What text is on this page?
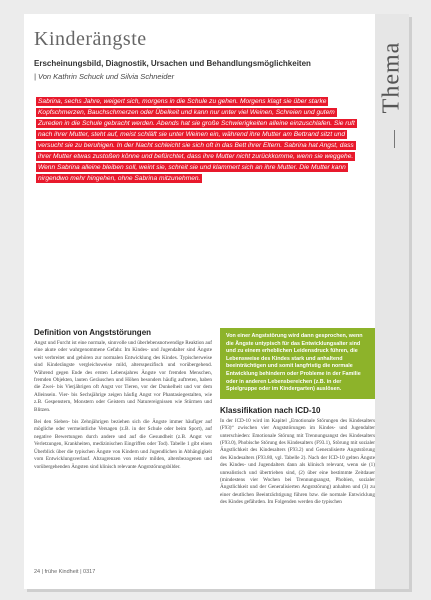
Thema
Kinderängste

Erscheinungsbild, Diagnostik, Ursachen und Behandlungsmöglichkeiten

| Von Kathrin Schuck und Silvia Schneider

Sabrina, sechs Jahre, weigert sich, morgens in die Schule zu gehen. Morgens klagt sie über starke Kopfschmerzen, Bauchschmerzen oder Übelkeit und kann nur unter viel Weinen, Schreien und gutem Zureden in die Schule gebracht werden. Abends hat sie große Schwierigkeiten alleine einzuschlafen. Sie ruft nach ihrer Mutter, steht auf, meist schläft sie unter Weinen ein, während ihre Mutter am Bettrand sitzt und versucht sie zu beruhigen. In der Nacht schleicht sie sich oft in das Bett ihrer Eltern. Sabrina hat Angst, dass ihrer Mutter etwas zustoßen könne und befürchtet, dass ihre Mutter nicht zurückkomme, wenn sie weggehe. Wenn Sabrina alleine bleiben soll, weint sie, schreit sie und klammert sich an ihre Mutter. Die Mutter kann nirgendwo mehr hingehen, ohne Sabrina mitzunehmen.

Definition von Angststörungen

Angst und Furcht ist eine normale, sinnvolle und überlebensnotwendige Reaktion auf eine akute oder wahrgenommene Gefahr. Im Kindes- und Jugendalter sind Ängste weit verbreitet und gehören zur normalen Entwicklung des Kindes. Typischerweise sind Kinderängste vergleichsweise mild, altersspezifisch und vorübergehend. Während gegen Ende des ersten Lebensjahres Ängste vor fremden Menschen, fremden Objekten, lauten Geräuschen und Höhen besonders häufig auftreten, haben die Zwei- bis Vierjährigen oft Angst vor Tieren, vor der Dunkelheit und vor dem Alleinsein. Vier- bis Sechsjährige zeigen häufig Angst vor Phantasiegestalten, wie z.B. Gespenstern, Monstern oder Geistern und Naturereignissen wie Stürmen und Blitzen.

Bei den Sieben- bis Zehnjährigen beziehen sich die Ängste immer häufiger auf mögliche oder vermeintliche Versagen (z.B. in der Schule oder beim Sport), auf negative Bewertungen durch andere und auf die Gesundheit (z.B. Angst vor Verletzungen, Krankheiten, medizinischen Eingriffen oder Tod). Tabelle 1 gibt einen Überblick über die typischen Ängste von Kindern und Jugendlichen in Abhängigkeit vom Entwicklungsverlauf. Abzugrenzen von relativ milden, altersbezogenen und vorübergehenden Ängsten sind klinisch relevante Angststörungsbilder.

Von einer Angststörung wird dann gesprochen, wenn die Ängste untypisch für das Entwicklungsalter sind und zu einem erheblichen Leidensdruck führen, die Lebensweise des Kindes stark und anhaltend beeinträchtigen und somit langfristig die normale Entwicklung behindern oder Probleme in der Familie oder in anderen Lebensbereichen (z.B. in der Spielgruppe oder im Kindergarten) auslösen.
Klassifikation nach ICD-10

In der ICD-10 wird im Kapitel „Emotionale Störungen des Kindesalters (F93)“ zwischen vier Angststörungen im Kindes- und Jugendalter unterschieden: Emotionale Störung mit Trennungsangst des Kindesalters (F93.0), Phobische Störung des Kindesalters (F93.1), Störung mit sozialer Ängstlichkeit des Kindesalters (F93.2) und Generalisierte Angststörung des Kindesalters (F93.80, vgl. Tabelle 2). Nach der ICD-10 gelten Ängste des Kindes- und Jugendalters dann als klinisch relevant, wenn sie (1) unrealistisch und übertrieben sind, (2) über eine bestimmte Zeitdauer (mindestens vier Wochen bei Trennungsangst, Phobien, sozialer Ängstlichkeit und der Generalisierten Angststörung) anhalten und (3) zu einer deutlichen Beeinträchtigung führen bzw. die normale Entwicklung des Kindes gefährden. Im Folgenden werden die typischen

24 | frühe Kindheit | 0317
